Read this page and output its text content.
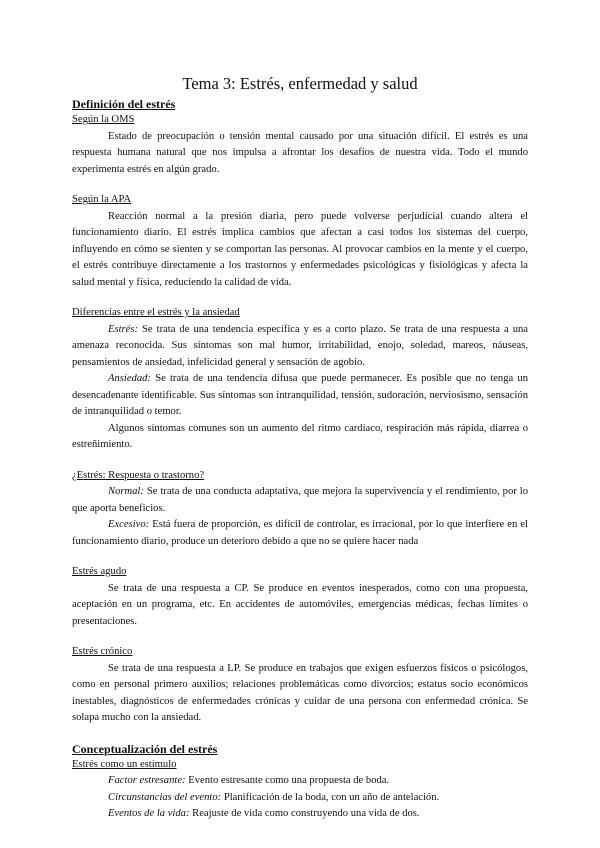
Tema 3: Estrés, enfermedad y salud
Definición del estrés
Según la OMS

Estado de preocupación o tensión mental causado por una situación difícil. El estrés es una respuesta humana natural que nos impulsa a afrontar los desafíos de nuestra vida. Todo el mundo experimenta estrés en algún grado.

Según la APA

Reacción normal a la presión diaria, pero puede volverse perjudicial cuando altera el funcionamiento diario. El estrés implica cambios que afectan a casi todos los sistemas del cuerpo, influyendo en cómo se sienten y se comportan las personas. Al provocar cambios en la mente y el cuerpo, el estrés contribuye directamente a los trastornos y enfermedades psicológicas y fisiológicas y afecta la salud mental y física, reduciendo la calidad de vida.

Diferencias entre el estrés y la ansiedad

Estrés: Se trata de una tendencia específica y es a corto plazo. Se trata de una respuesta a una amenaza reconocida. Sus síntomas son mal humor, irritabilidad, enojo, soledad, mareos, náuseas, pensamientos de ansiedad, infelicidad general y sensación de agobio.

Ansiedad: Se trata de una tendencia difusa que puede permanecer. Es posible que no tenga un desencadenante identificable. Sus síntomas son intranquilidad, tensión, sudoración, nerviosismo, sensación de intranquilidad o temor.

Algunos síntomas comunes son un aumento del ritmo cardíaco, respiración más rápida, diarrea o estreñimiento.

¿Estrés: Respuesta o trastorno?

Normal: Se trata de una conducta adaptativa, que mejora la supervivencia y el rendimiento, por lo que aporta beneficios.

Excesivo: Está fuera de proporción, es difícil de controlar, es irracional, por lo que interfiere en el funcionamiento diario, produce un deterioro debido a que no se quiere hacer nada

Estrés agudo

Se trata de una respuesta a CP. Se produce en eventos inesperados, como con una propuesta, aceptación en un programa, etc. En accidentes de automóviles, emergencias médicas, fechas límites o presentaciones.

Estrés crónico

Se trata de una respuesta a LP. Se produce en trabajos que exigen esfuerzos físicos o psicólogos, como en personal primero auxilios; relaciones problemáticas como divorcios; estatus socio económicos inestables, diagnósticos de enfermedades crónicas y cuidar de una persona con enfermedad crónica. Se solapa mucho con la ansiedad.

Conceptualización del estrés
Estrés como un estímulo

Factor estresante: Evento estresante como una propuesta de boda.

Circunstancias del evento: Planificación de la boda, con un año de antelación.

Eventos de la vida: Reajuste de vida como construyendo una vida de dos.
